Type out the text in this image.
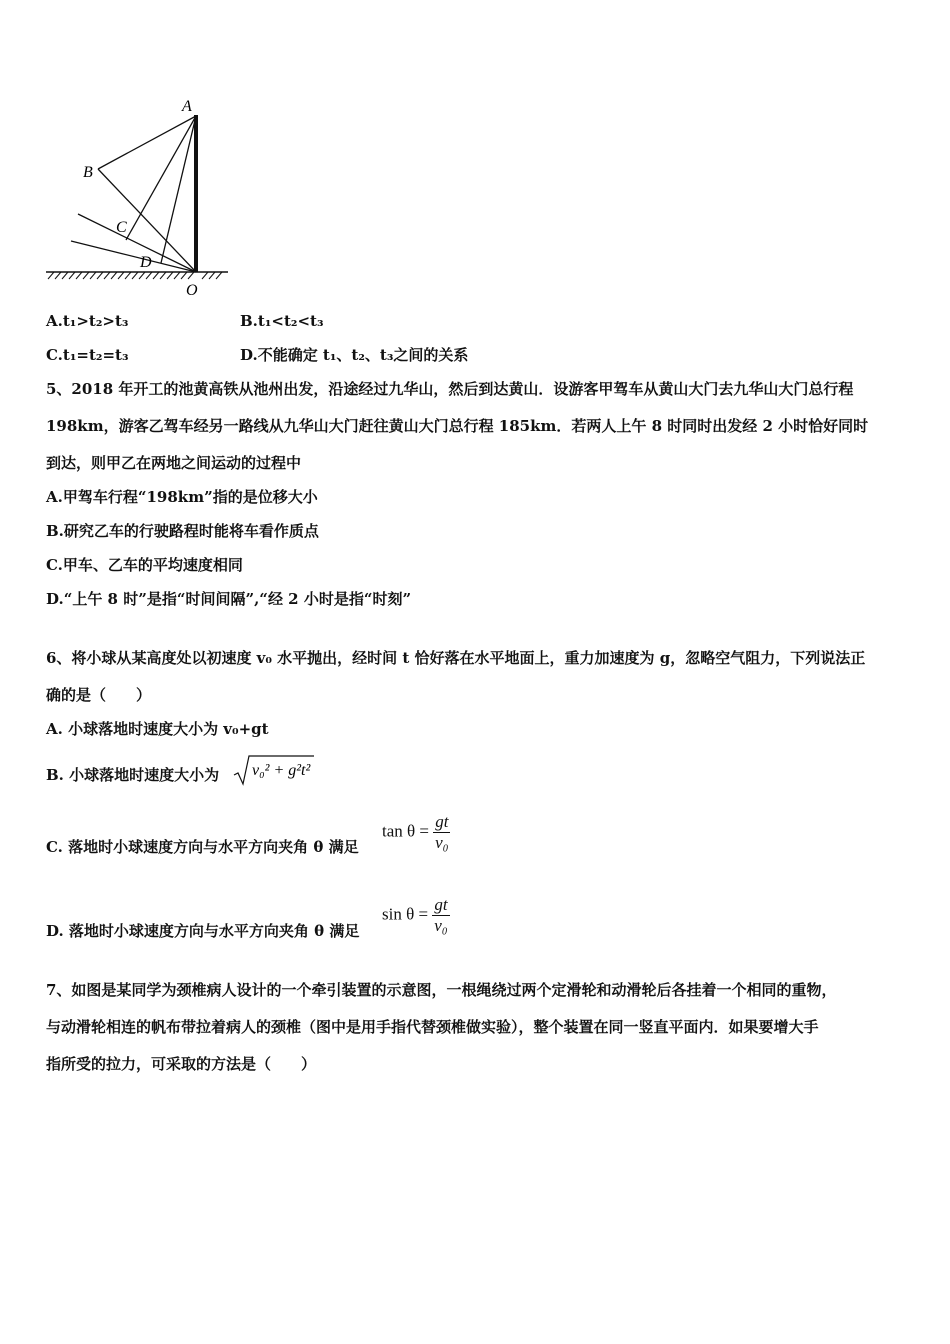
A
B
C
D
O
A.t₁>t₂>t₃	B.t₁<t₂<t₃
C.t₁=t₂=t₃	D.不能确定 t₁、t₂、t₃之间的关系
5、2018 年开工的池黄高铁从池州出发，沿途经过九华山，然后到达黄山．设游客甲驾车从黄山大门去九华山大门总行程
198km，游客乙驾车经另一路线从九华山大门赶往黄山大门总行程 185km．若两人上午 8 时同时出发经 2 小时恰好同时
到达，则甲乙在两地之间运动的过程中
A.甲驾车行程“198km”指的是位移大小
B.研究乙车的行驶路程时能将车看作质点
C.甲车、乙车的平均速度相同
D.“上午 8 时”是指“时间间隔”,“经 2 小时是指“时刻”
6、将小球从某高度处以初速度 v₀ 水平抛出，经时间 t 恰好落在水平地面上，重力加速度为 g，忽略空气阻力，下列说法正
确的是（　　）
A. 小球落地时速度大小为 v₀+gt
B. 小球落地时速度大小为 v₀² + g²t²
C. 落地时小球速度方向与水平方向夹角 θ 满足
$\tan \theta = \frac{gt}{\text{v₀}}$
D. 落地时小球速度方向与水平方向夹角 θ 满足
$\sin \theta = \frac{gt}{\text{v₀}}$
7、如图是某同学为颈椎病人设计的一个牵引装置的示意图，一根绳绕过两个定滑轮和动滑轮后各挂着一个相同的重物，
与动滑轮相连的帆布带拉着病人的颈椎（图中是用手指代替颈椎做实验），整个装置在同一竖直平面内．如果要增大手
指所受的拉力，可采取的方法是（　　）
